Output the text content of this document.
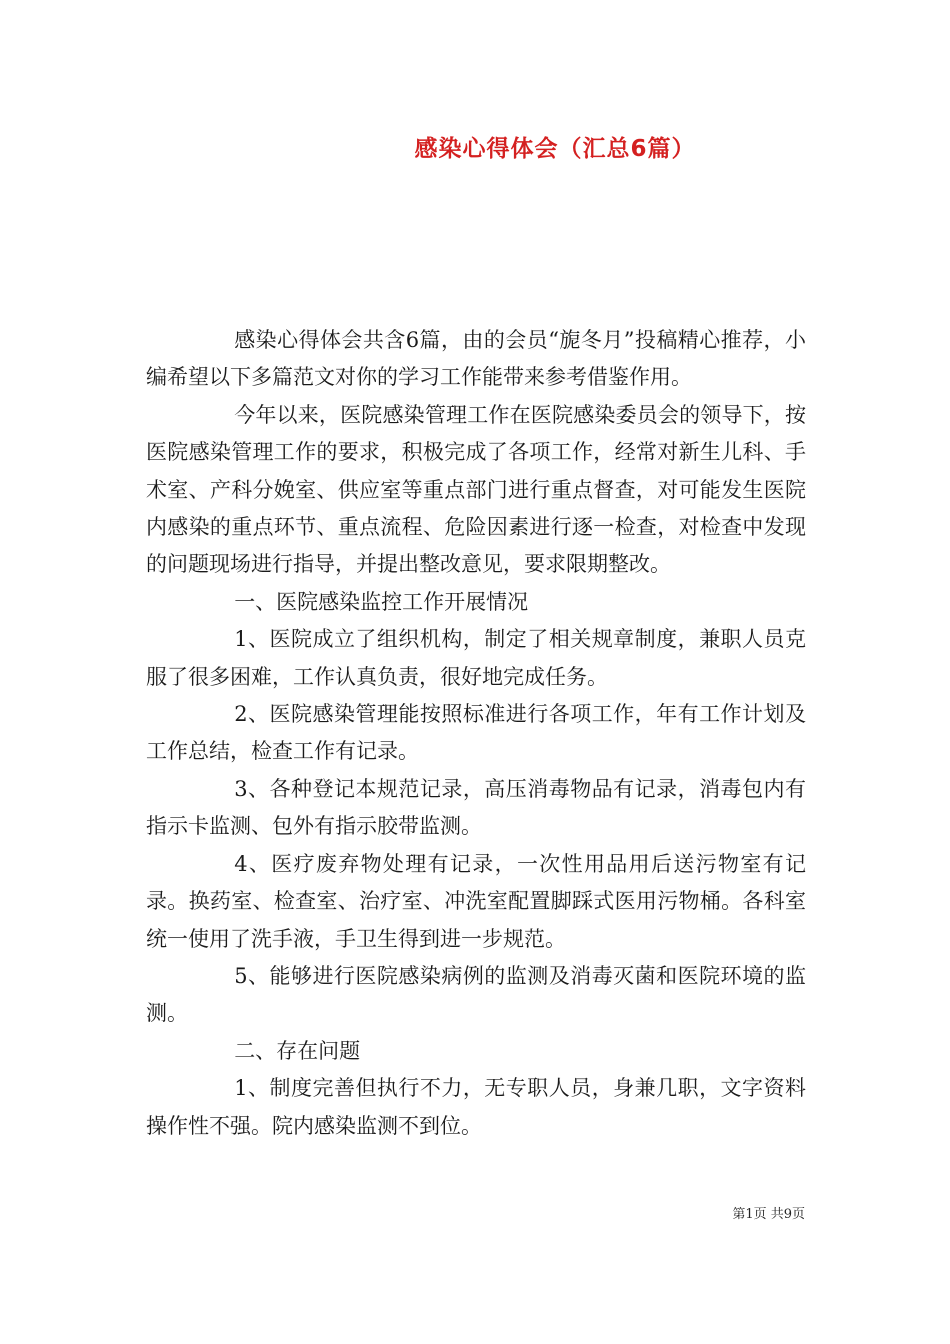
感染心得体会（汇总6篇）

感染心得体会共含6篇，由的会员“旎冬月”投稿精心推荐，小编希望以下多篇范文对你的学习工作能带来参考借鉴作用。

今年以来，医院感染管理工作在医院感染委员会的领导下，按医院感染管理工作的要求，积极完成了各项工作，经常对新生儿科、手术室、产科分娩室、供应室等重点部门进行重点督查，对可能发生医院内感染的重点环节、重点流程、危险因素进行逐一检查，对检查中发现的问题现场进行指导，并提出整改意见，要求限期整改。

一、医院感染监控工作开展情况

1、医院成立了组织机构，制定了相关规章制度，兼职人员克服了很多困难，工作认真负责，很好地完成任务。

2、医院感染管理能按照标准进行各项工作，年有工作计划及工作总结，检查工作有记录。

3、各种登记本规范记录，高压消毒物品有记录，消毒包内有指示卡监测、包外有指示胶带监测。

4、医疗废弃物处理有记录，一次性用品用后送污物室有记录。换药室、检查室、治疗室、冲洗室配置脚踩式医用污物桶。各科室统一使用了洗手液，手卫生得到进一步规范。

5、能够进行医院感染病例的监测及消毒灭菌和医院环境的监测。

二、存在问题

1、制度完善但执行不力，无专职人员，身兼几职，文字资料操作性不强。院内感染监测不到位。

第1页 共9页
